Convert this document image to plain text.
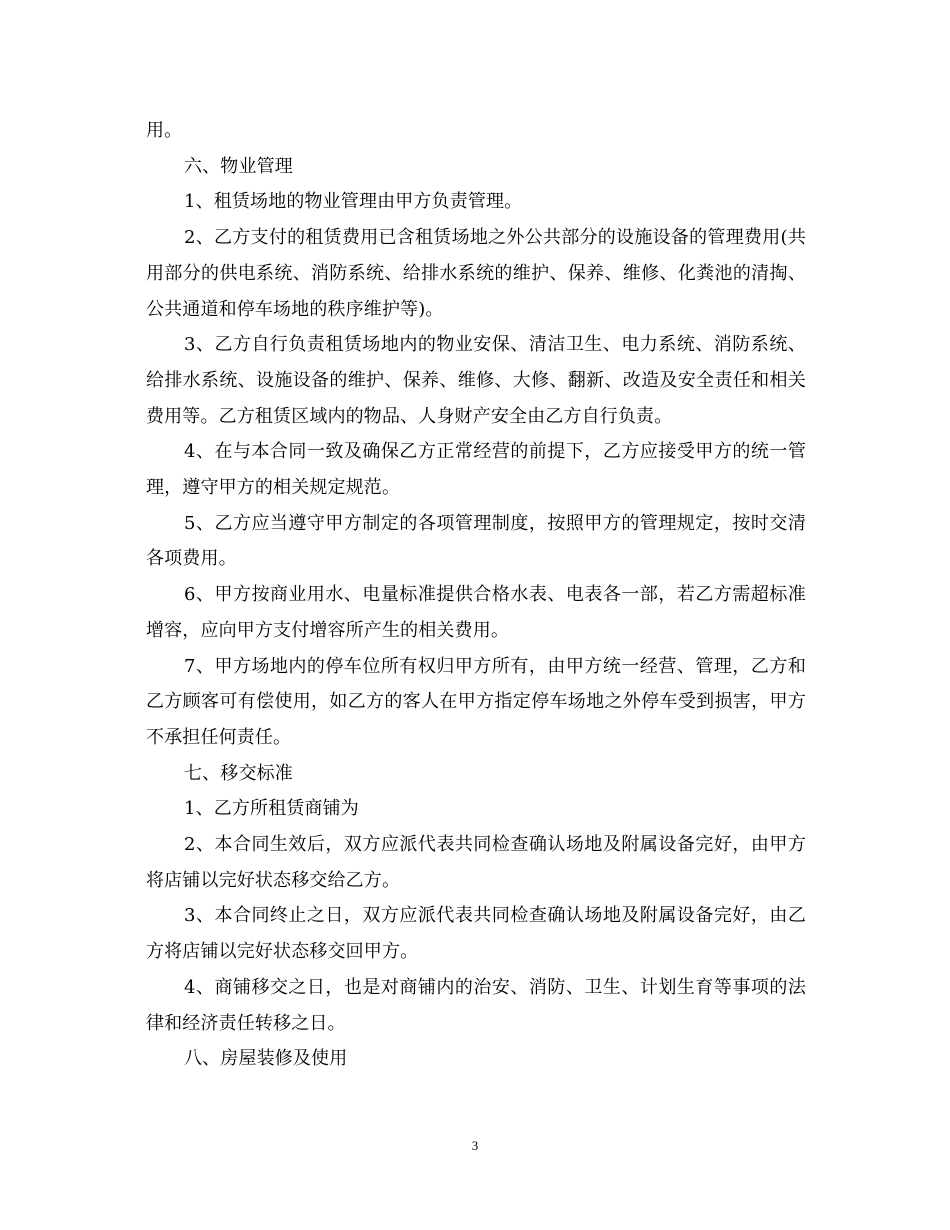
用。

六、物业管理

1、租赁场地的物业管理由甲方负责管理。

2、乙方支付的租赁费用已含租赁场地之外公共部分的设施设备的管理费用(共用部分的供电系统、消防系统、给排水系统的维护、保养、维修、化粪池的清掏、公共通道和停车场地的秩序维护等)。

3、乙方自行负责租赁场地内的物业安保、清洁卫生、电力系统、消防系统、给排水系统、设施设备的维护、保养、维修、大修、翻新、改造及安全责任和相关费用等。乙方租赁区域内的物品、人身财产安全由乙方自行负责。

4、在与本合同一致及确保乙方正常经营的前提下，乙方应接受甲方的统一管理，遵守甲方的相关规定规范。

5、乙方应当遵守甲方制定的各项管理制度，按照甲方的管理规定，按时交清各项费用。

6、甲方按商业用水、电量标准提供合格水表、电表各一部，若乙方需超标准增容，应向甲方支付增容所产生的相关费用。

7、甲方场地内的停车位所有权归甲方所有，由甲方统一经营、管理，乙方和乙方顾客可有偿使用，如乙方的客人在甲方指定停车场地之外停车受到损害，甲方不承担任何责任。

七、移交标准

1、乙方所租赁商铺为

2、本合同生效后，双方应派代表共同检查确认场地及附属设备完好，由甲方将店铺以完好状态移交给乙方。

3、本合同终止之日，双方应派代表共同检查确认场地及附属设备完好，由乙方将店铺以完好状态移交回甲方。

4、商铺移交之日，也是对商铺内的治安、消防、卫生、计划生育等事项的法律和经济责任转移之日。

八、房屋装修及使用

3
